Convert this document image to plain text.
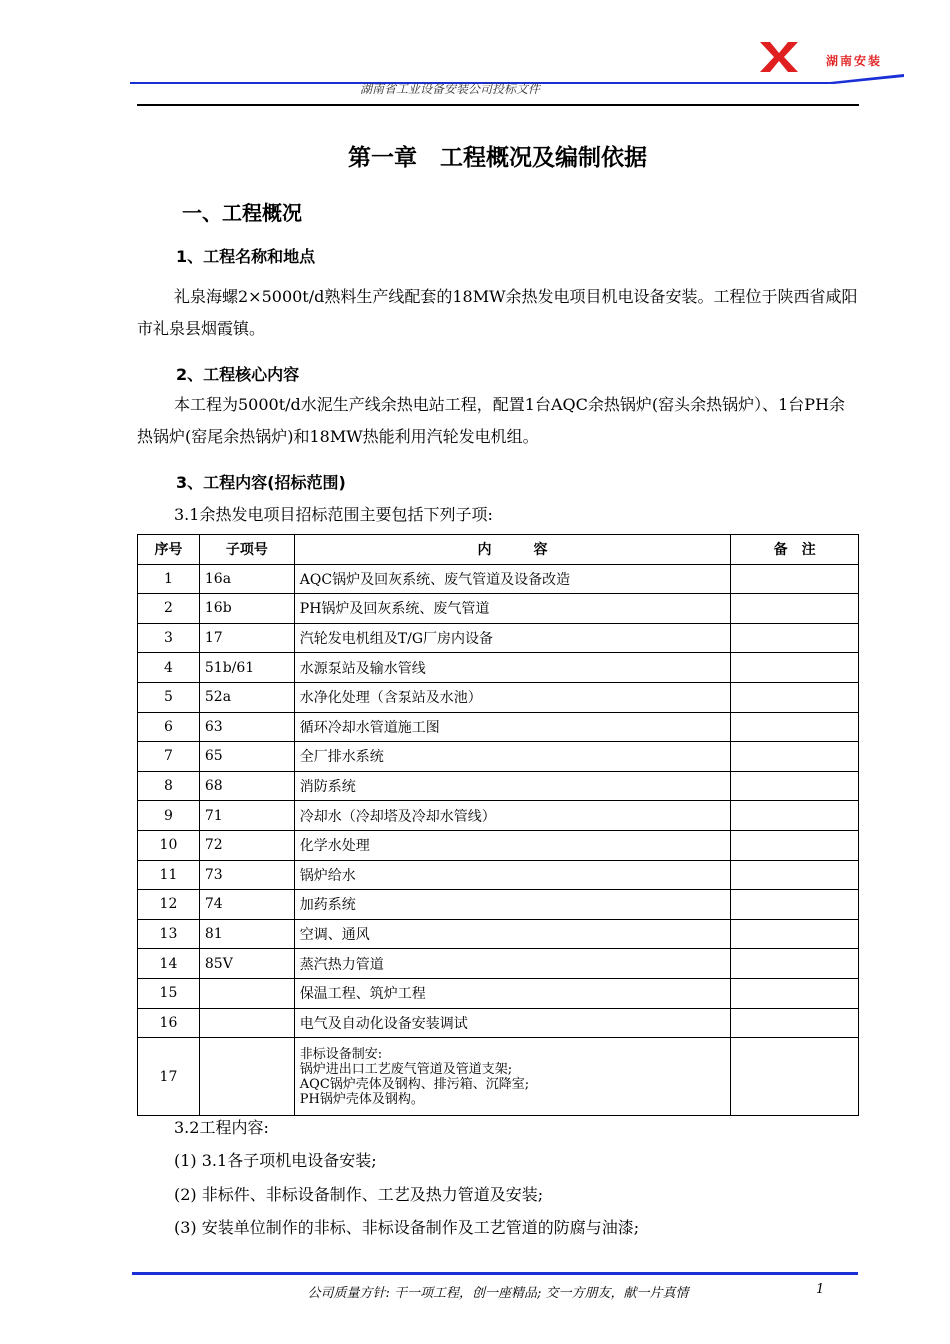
湖南安装
湖南省工业设备安装公司投标文件
第一章　工程概况及编制依据
一、工程概况
1、工程名称和地点
礼泉海螺2×5000t/d熟料生产线配套的18MW余热发电项目机电设备安装。工程位于陕西省咸阳市礼泉县烟霞镇。
2、工程核心内容
本工程为5000t/d水泥生产线余热电站工程，配置1台AQC余热锅炉(窑头余热锅炉）、1台PH余热锅炉(窑尾余热锅炉)和18MW热能利用汽轮发电机组。
3、工程内容(招标范围)
3.1余热发电项目招标范围主要包括下列子项:
序号	子项号	内　　　容	备　注
1	16a	AQC锅炉及回灰系统、废气管道及设备改造	
2	16b	PH锅炉及回灰系统、废气管道	
3	17	汽轮发电机组及T/G厂房内设备	
4	51b/61	水源泵站及输水管线	
5	52a	水净化处理（含泵站及水池）	
6	63	循环冷却水管道施工图	
7	65	全厂排水系统	
8	68	消防系统	
9	71	冷却水（冷却塔及冷却水管线）	
10	72	化学水处理	
11	73	锅炉给水	
12	74	加药系统	
13	81	空调、通风	
14	85V	蒸汽热力管道	
15		保温工程、筑炉工程	
16		电气及自动化设备安装调试	
17		非标设备制安:
锅炉进出口工艺废气管道及管道支架;
AQC锅炉壳体及钢构、排污箱、沉降室;
PH锅炉壳体及钢构。	

3.2工程内容:
(1) 3.1各子项机电设备安装;
(2) 非标件、非标设备制作、工艺及热力管道及安装;
(3) 安装单位制作的非标、非标设备制作及工艺管道的防腐与油漆;
公司质量方针: 干一项工程，创一座精品; 交一方朋友，献一片真情	1
